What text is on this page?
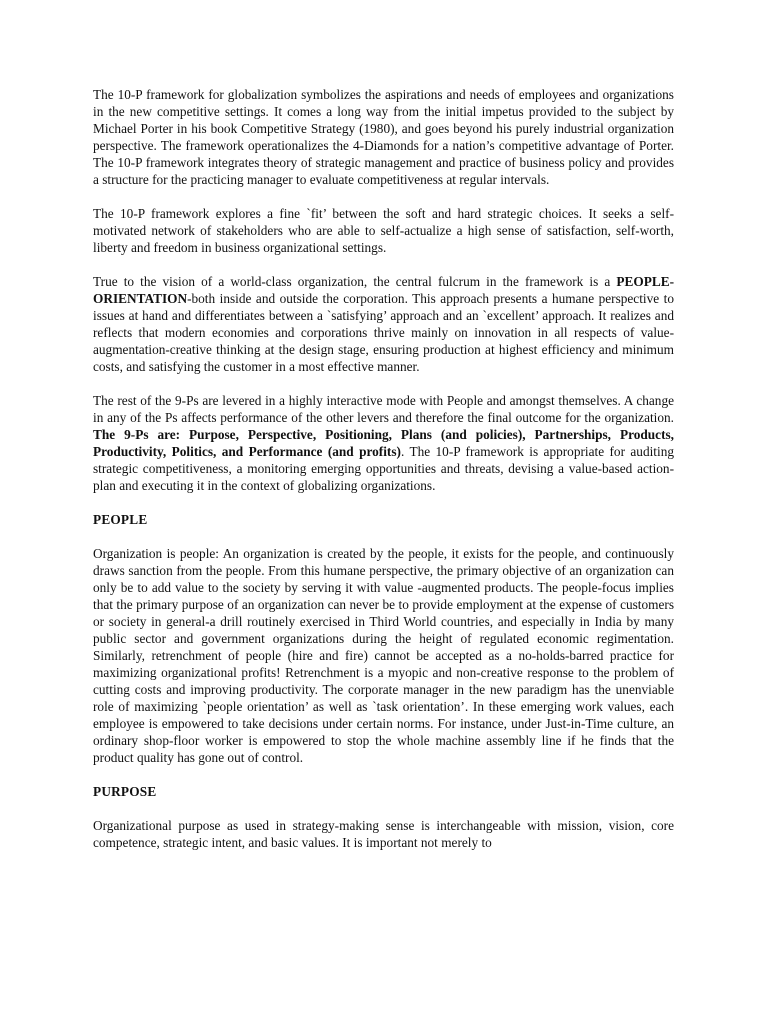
The 10-P framework for globalization symbolizes the aspirations and needs of employees and organizations in the new competitive settings. It comes a long way from the initial impetus provided to the subject by Michael Porter in his book Competitive Strategy (1980), and goes beyond his purely industrial organization perspective. The framework operationalizes the 4-Diamonds for a nation’s competitive advantage of Porter. The 10-P framework integrates theory of strategic management and practice of business policy and provides a structure for the practicing manager to evaluate competitiveness at regular intervals.

The 10-P framework explores a fine `fit’ between the soft and hard strategic choices. It seeks a self-motivated network of stakeholders who are able to self-actualize a high sense of satisfaction, self-worth, liberty and freedom in business organizational settings.

True to the vision of a world-class organization, the central fulcrum in the framework is a PEOPLE-ORIENTATION-both inside and outside the corporation. This approach presents a humane perspective to issues at hand and differentiates between a `satisfying’ approach and an `excellent’ approach. It realizes and reflects that modern economies and corporations thrive mainly on innovation in all respects of value-augmentation-creative thinking at the design stage, ensuring production at highest efficiency and minimum costs, and satisfying the customer in a most effective manner.

The rest of the 9-Ps are levered in a highly interactive mode with People and amongst themselves. A change in any of the Ps affects performance of the other levers and therefore the final outcome for the organization. The 9-Ps are: Purpose, Perspective, Positioning, Plans (and policies), Partnerships, Products, Productivity, Politics, and Performance (and profits). The 10-P framework is appropriate for auditing strategic competitiveness, a monitoring emerging opportunities and threats, devising a value-based action-plan and executing it in the context of globalizing organizations.

PEOPLE

Organization is people: An organization is created by the people, it exists for the people, and continuously draws sanction from the people. From this humane perspective, the primary objective of an organization can only be to add value to the society by serving it with value -augmented products. The people-focus implies that the primary purpose of an organization can never be to provide employment at the expense of customers or society in general-a drill routinely exercised in Third World countries, and especially in India by many public sector and government organizations during the height of regulated economic regimentation. Similarly, retrenchment of people (hire and fire) cannot be accepted as a no-holds-barred practice for maximizing organizational profits! Retrenchment is a myopic and non-creative response to the problem of cutting costs and improving productivity. The corporate manager in the new paradigm has the unenviable role of maximizing `people orientation’ as well as `task orientation’. In these emerging work values, each employee is empowered to take decisions under certain norms. For instance, under Just-in-Time culture, an ordinary shop-floor worker is empowered to stop the whole machine assembly line if he finds that the product quality has gone out of control.

PURPOSE

Organizational purpose as used in strategy-making sense is interchangeable with mission, vision, core competence, strategic intent, and basic values. It is important not merely to
